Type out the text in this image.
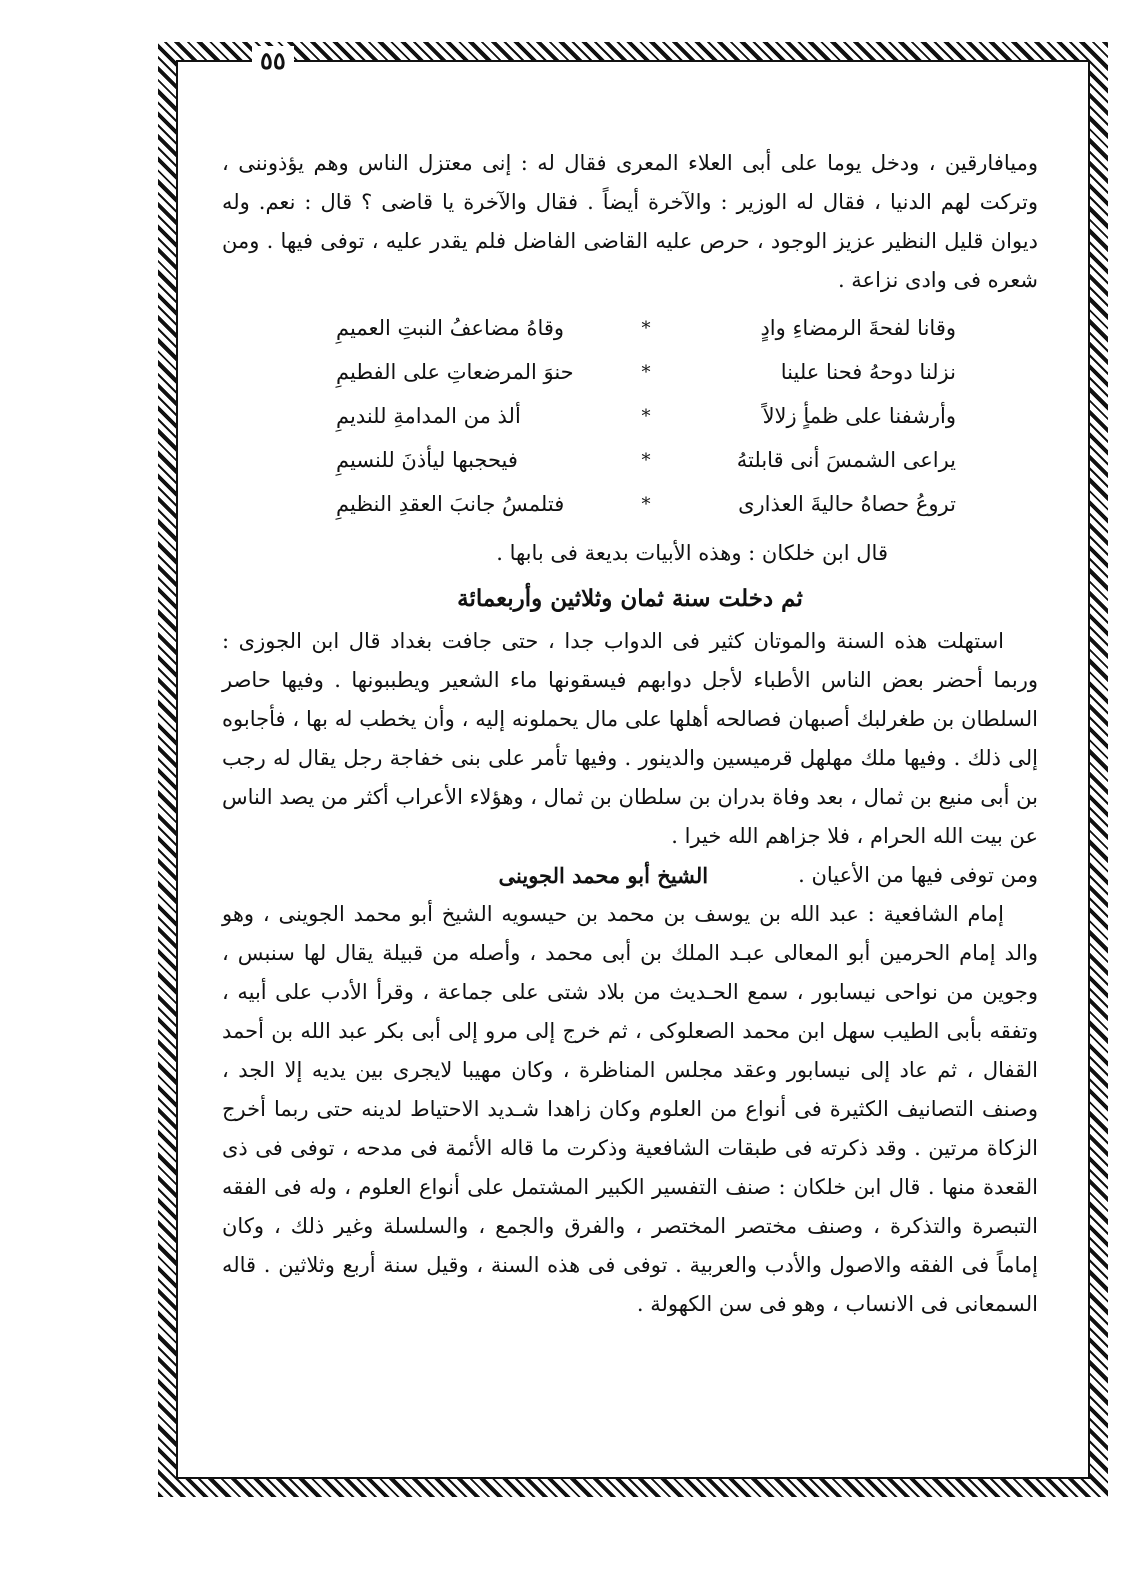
٥٥

ومیافارقین ، ودخل یوما علی أبی العلاء المعری فقال له : إنی معتزل الناس وهم یؤذوننی ، وترکت لهم الدنیا ، فقال له الوزیر : والآخرة أیضاً . فقال والآخرة یا قاضی ؟ قال : نعم. وله دیوان قلیل النظیر عزیز الوجود ، حرص علیه القاضی الفاضل فلم یقدر علیه ، توفی فیها . ومن شعره فی وادی نزاعة .

وقانا لفحةَ الرمضاءِ وادٍ
*
وقاهُ مضاعفُ النبتِ العمیمِ
نزلنا دوحهُ فحنا علینا
*
حنوَ المرضعاتِ علی الفطیمِ
وأرشفنا علی ظمأٍ زلالاً
*
ألذ من المدامةِ للندیمِ
یراعی الشمسَ أنی قابلتهُ
*
فیحجبها لیأذنَ للنسیمِ
تروعُ حصاهُ حالیةَ العذاری
*
فتلمسُ جانبَ العقدِ النظیمِ

قال ابن خلکان : وهذه الأبیات بدیعة فی بابها .

ثم دخلت سنة ثمان وثلاثین وأربعمائة

استهلت هذه السنة والموتان کثیر فی الدواب جدا ، حتی جافت بغداد قال ابن الجوزی : وربما أحضر بعض الناس الأطباء لأجل دوابهم فیسقونها ماء الشعیر ویطببونها . وفیها حاصر السلطان بن طغرلبك أصبهان فصالحه أهلها علی مال یحملونه إلیه ، وأن یخطب له بها ، فأجابوه إلی ذلك . وفیها ملك مهلهل قرمیسین والدینور . وفیها تأمر علی بنی خفاجة رجل یقال له رجب بن أبی منیع بن ثمال ، بعد وفاة بدران بن سلطان بن ثمال ، وهؤلاء الأعراب أکثر من یصد الناس عن بیت الله الحرام ، فلا جزاهم الله خیرا .

ومن توفی فیها من الأعیان .
الشیخ أبو محمد الجوینی

إمام الشافعیة : عبد الله بن یوسف بن محمد بن حیسویه الشیخ أبو محمد الجوینی ، وهو والد إمام الحرمین أبو المعالی عبـد الملك بن أبی محمد ، وأصله من قبیلة یقال لها سنبس ، وجوین من نواحی نیسابور ، سمع الحـدیث من بلاد شتی علی جماعة ، وقرأ الأدب علی أبیه ، وتفقه بأبی الطیب سهل ابن محمد الصعلوکی ، ثم خرج إلی مرو إلی أبی بکر عبد الله بن أحمد القفال ، ثم عاد إلی نیسابور وعقد مجلس المناظرة ، وکان مهیبا لایجری بین یدیه إلا الجد ، وصنف التصانیف الکثیرة فی أنواع من العلوم وکان زاهدا شـدید الاحتیاط لدینه حتی ربما أخرج الزکاة مرتین . وقد ذکرته فی طبقات الشافعیة وذکرت ما قاله الأئمة فی مدحه ، توفی فی ذی القعدة منها . قال ابن خلکان : صنف التفسیر الکبیر المشتمل علی أنواع العلوم ، وله فی الفقه التبصرة والتذکرة ، وصنف مختصر المختصر ، والفرق والجمع ، والسلسلة وغیر ذلك ، وکان إماماً فی الفقه والاصول والأدب والعربیة . توفی فی هذه السنة ، وقیل سنة أربع وثلاثین . قاله السمعانی فی الانساب ، وهو فی سن الکهولة .
